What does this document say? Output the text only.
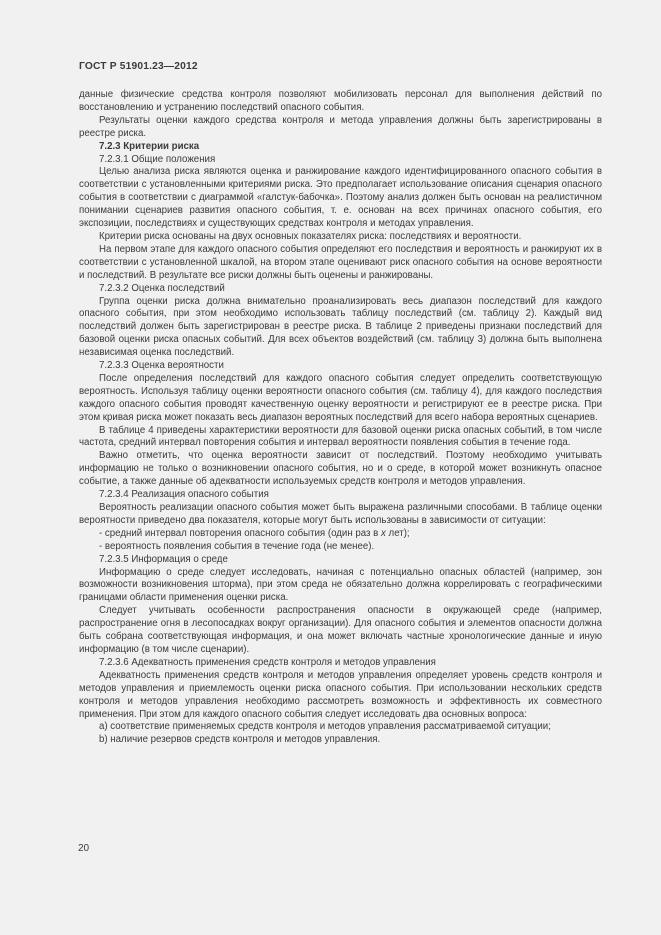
ГОСТ Р 51901.23—2012

данные физические средства контроля позволяют мобилизовать персонал для выполнения действий по восстановлению и устранению последствий опасного события.

Результаты оценки каждого средства контроля и метода управления должны быть зарегистрированы в реестре риска.

7.2.3 Критерии риска

7.2.3.1 Общие положения

Целью анализа риска являются оценка и ранжирование каждого идентифицированного опасного события в соответствии с установленными критериями риска. Это предполагает использование описания сценария опасного события в соответствии с диаграммой «галстук-бабочка». Поэтому анализ должен быть основан на реалистичном понимании сценариев развития опасного события, т. е. основан на всех причинах опасного события, его экспозиции, последствиях и существующих средствах контроля и методах управления.

Критерии риска основаны на двух основных показателях риска: последствиях и вероятности.

На первом этапе для каждого опасного события определяют его последствия и вероятность и ранжируют их в соответствии с установленной шкалой, на втором этапе оценивают риск опасного события на основе вероятности и последствий. В результате все риски должны быть оценены и ранжированы.

7.2.3.2 Оценка последствий

Группа оценки риска должна внимательно проанализировать весь диапазон последствий для каждого опасного события, при этом необходимо использовать таблицу последствий (см. таблицу 2). Каждый вид последствий должен быть зарегистрирован в реестре риска. В таблице 2 приведены признаки последствий для базовой оценки риска опасных событий. Для всех объектов воздействий (см. таблицу 3) должна быть выполнена независимая оценка последствий.

7.2.3.3 Оценка вероятности

После определения последствий для каждого опасного события следует определить соответствующую вероятность. Используя таблицу оценки вероятности опасного события (см. таблицу 4), для каждого последствия каждого опасного события проводят качественную оценку вероятности и регистрируют ее в реестре риска. При этом кривая риска может показать весь диапазон вероятных последствий для всего набора вероятных сценариев.

В таблице 4 приведены характеристики вероятности для базовой оценки риска опасных событий, в том числе частота, средний интервал повторения события и интервал вероятности появления события в течение года.

Важно отметить, что оценка вероятности зависит от последствий. Поэтому необходимо учитывать информацию не только о возникновении опасного события, но и о среде, в которой может возникнуть опасное событие, а также данные об адекватности используемых средств контроля и методов управления.

7.2.3.4 Реализация опасного события

Вероятность реализации опасного события может быть выражена различными способами. В таблице оценки вероятности приведено два показателя, которые могут быть использованы в зависимости от ситуации:

- средний интервал повторения опасного события (один раз в x лет);

- вероятность появления события в течение года (не менее).

7.2.3.5 Информация о среде

Информацию о среде следует исследовать, начиная с потенциально опасных областей (например, зон возможности возникновения шторма), при этом среда не обязательно должна коррелировать с географическими границами области применения оценки риска.

Следует учитывать особенности распространения опасности в окружающей среде (например, распространение огня в лесопосадках вокруг организации). Для опасного события и элементов опасности должна быть собрана соответствующая информация, и она может включать частные хронологические данные и иную информацию (в том числе сценарии).

7.2.3.6 Адекватность применения средств контроля и методов управления

Адекватность применения средств контроля и методов управления определяет уровень средств контроля и методов управления и приемлемость оценки риска опасного события. При использовании нескольких средств контроля и методов управления необходимо рассмотреть возможность и эффективность их совместного применения. При этом для каждого опасного события следует исследовать два основных вопроса:

a) соответствие применяемых средств контроля и методов управления рассматриваемой ситуации;

b) наличие резервов средств контроля и методов управления.

20
